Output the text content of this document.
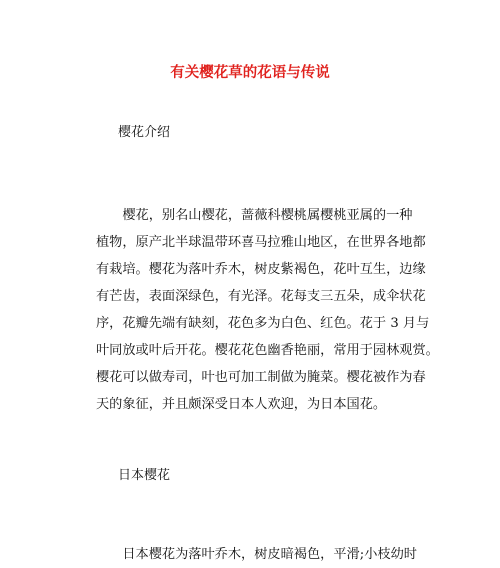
有关樱花草的花语与传说
樱花介绍
　　樱花，别名山樱花，蔷薇科樱桃属樱桃亚属的一种
植物，原产北半球温带环喜马拉雅山地区，在世界各地都
有栽培。樱花为落叶乔木，树皮紫褐色，花叶互生，边缘
有芒齿，表面深绿色，有光泽。花每支三五朵，成伞状花
序，花瓣先端有缺刻，花色多为白色、红色。花于 3 月与
叶同放或叶后开花。樱花花色幽香艳丽，常用于园林观赏。
樱花可以做寿司，叶也可加工制做为腌菜。樱花被作为春
天的象征，并且颇深受日本人欢迎，为日本国花。
日本樱花
　　日本樱花为落叶乔木，树皮暗褐色，平滑;小枝幼时
